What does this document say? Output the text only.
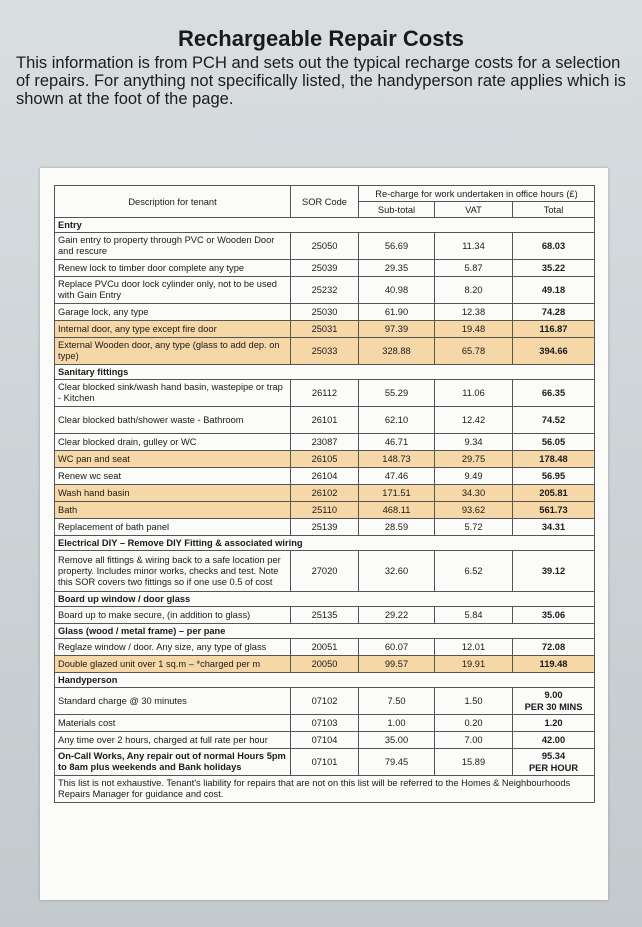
Rechargeable Repair Costs
This information is from PCH and sets out the typical recharge costs for a selection of repairs. For anything not specifically listed, the handyperson rate applies which is shown at the foot of the page.
Description for tenant	SOR Code	Re-charge for work undertaken in office hours (£)		
		Sub-total	VAT	Total
Entry				
Gain entry to property through PVC or Wooden Door and rescure	25050	56.69	11.34	68.03
Renew lock to timber door complete any type	25039	29.35	5.87	35.22
Replace PVCu door lock cylinder only, not to be used with Gain Entry	25232	40.98	8.20	49.18
Garage lock, any type	25030	61.90	12.38	74.28
Internal door, any type except fire door	25031	97.39	19.48	116.87
External Wooden door, any type (glass to add dep. on type)	25033	328.88	65.78	394.66
Sanitary fittings				
Clear blocked sink/wash hand basin, wastepipe or trap - Kitchen	26112	55.29	11.06	66.35
Clear blocked bath/shower waste - Bathroom	26101	62.10	12.42	74.52
Clear blocked drain, gulley or WC	23087	46.71	9.34	56.05
WC pan and seat	26105	148.73	29.75	178.48
Renew wc seat	26104	47.46	9.49	56.95
Wash hand basin	26102	171.51	34.30	205.81
Bath	25110	468.11	93.62	561.73
Replacement of bath panel	25139	28.59	5.72	34.31
Electrical DIY – Remove DIY Fitting & associated wiring				
Remove all fittings & wiring back to a safe location per property. Includes minor works, checks and test. Note this SOR covers two fittings so if one use 0.5 of cost	27020	32.60	6.52	39.12
Board up window / door glass				
Board up to make secure, (in addition to glass)	25135	29.22	5.84	35.06
Glass (wood / metal frame) – per pane				
Reglaze window / door. Any size, any type of glass	20051	60.07	12.01	72.08
Double glazed unit over 1 sq.m – *charged per m	20050	99.57	19.91	119.48
Handyperson				
Standard charge @ 30 minutes	07102	7.50	1.50	9.00
PER 30 MINS

Materials cost	07103	1.00	0.20	1.20
Any time over 2 hours, charged at full rate per hour	07104	35.00	7.00	42.00
On-Call Works, Any repair out of normal Hours 5pm to 8am plus weekends and Bank holidays	07101	79.45	15.89	95.34
PER HOUR

This list is not exhaustive. Tenant's liability for repairs that are not on this list will be referred to the Homes & Neighbourhoods Repairs Manager for guidance and cost.				
